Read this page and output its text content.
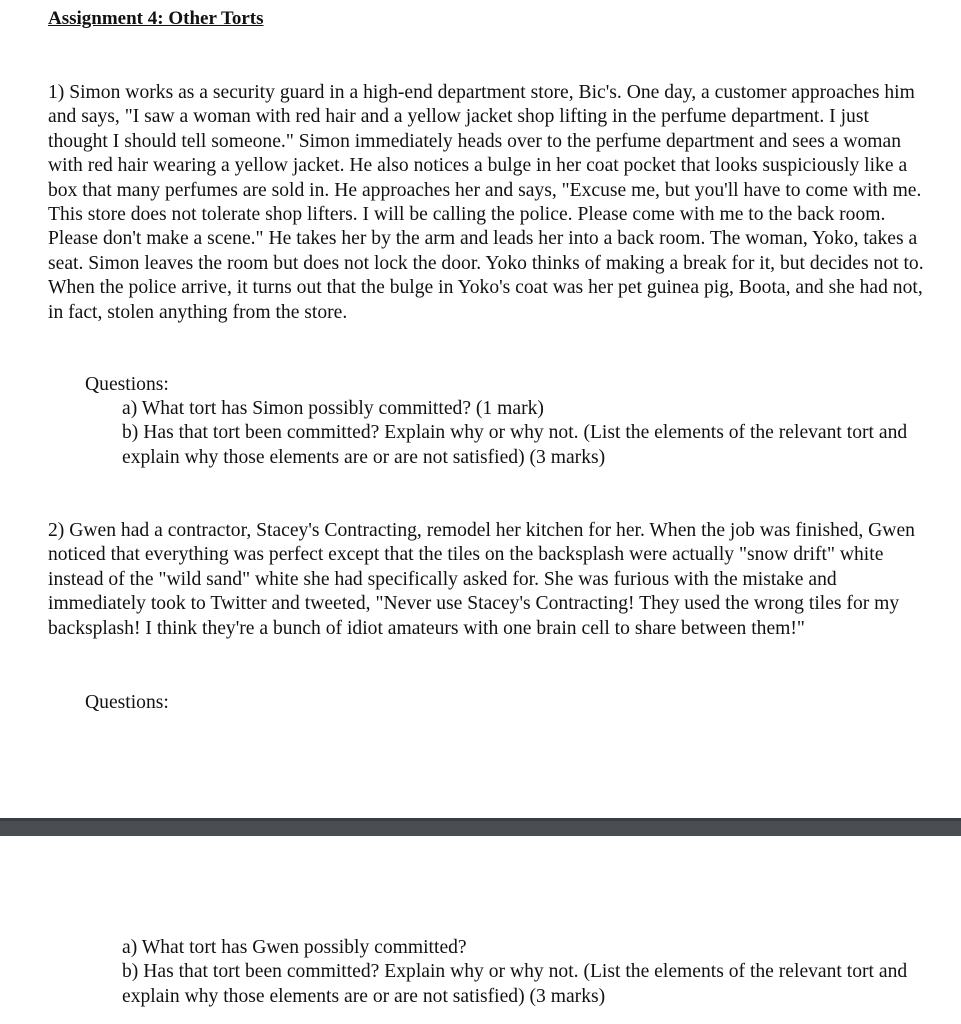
Assignment 4: Other Torts

1) Simon works as a security guard in a high-end department store, Bic's. One day, a customer approaches him and says, "I saw a woman with red hair and a yellow jacket shop lifting in the perfume department. I just thought I should tell someone." Simon immediately heads over to the perfume department and sees a woman with red hair wearing a yellow jacket. He also notices a bulge in her coat pocket that looks suspiciously like a box that many perfumes are sold in. He approaches her and says, "Excuse me, but you'll have to come with me. This store does not tolerate shop lifters. I will be calling the police. Please come with me to the back room. Please don't make a scene." He takes her by the arm and leads her into a back room. The woman, Yoko, takes a seat. Simon leaves the room but does not lock the door. Yoko thinks of making a break for it, but decides not to. When the police arrive, it turns out that the bulge in Yoko's coat was her pet guinea pig, Boota, and she had not, in fact, stolen anything from the store.

Questions:

a) What tort has Simon possibly committed? (1 mark)
b) Has that tort been committed? Explain why or why not. (List the elements of the relevant tort and explain why those elements are or are not satisfied) (3 marks)

2) Gwen had a contractor, Stacey's Contracting, remodel her kitchen for her. When the job was finished, Gwen noticed that everything was perfect except that the tiles on the backsplash were actually "snow drift" white instead of the "wild sand" white she had specifically asked for. She was furious with the mistake and immediately took to Twitter and tweeted, "Never use Stacey's Contracting! They used the wrong tiles for my backsplash! I think they're a bunch of idiot amateurs with one brain cell to share between them!"

Questions:

a) What tort has Gwen possibly committed?
b) Has that tort been committed? Explain why or why not. (List the elements of the relevant tort and explain why those elements are or are not satisfied) (3 marks)
